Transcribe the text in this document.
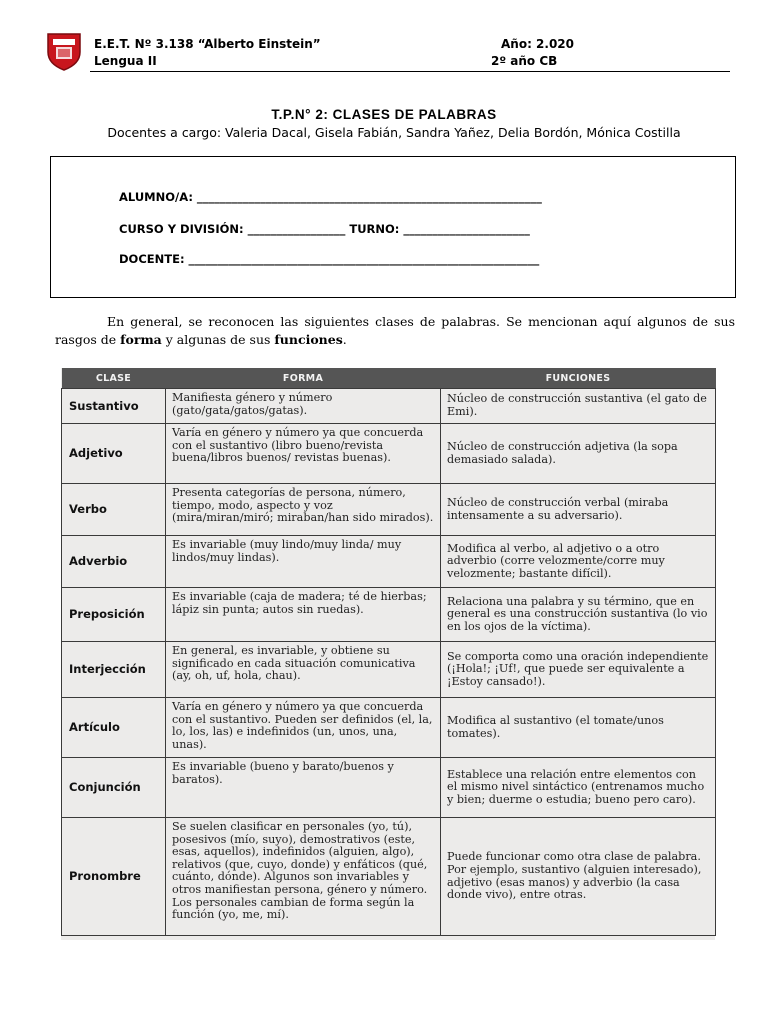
E.E.T. Nº 3.138 “Alberto Einstein”
Lengua II
Año: 2.020
2º año CB
T.P.N° 2: CLASES DE PALABRAS
Docentes a cargo: Valeria Dacal, Gisela Fabián, Sandra Yañez, Delia Bordón, Mónica Costilla
ALUMNO/A: ____________________________________________________________
CURSO Y DIVISIÓN: _________________ TURNO: ______________________
DOCENTE: _____________________________________________________________
En general, se reconocen las siguientes clases de palabras. Se mencionan aquí algunos de sus rasgos de forma y algunas de sus funciones.
CLASE	FORMA	FUNCIONES
Sustantivo	Manifiesta género y número (gato/gata/gatos/gatas).	Núcleo de construcción sustantiva (el gato de Emi).
Adjetivo	Varía en género y número ya que concuerda con el sustantivo (libro bueno/revista buena/libros buenos/ revistas buenas).	Núcleo de construcción adjetiva (la sopa demasiado salada).
Verbo	Presenta categorías de persona, número, tiempo, modo, aspecto y voz (mira/miran/miró; miraban/han sido mirados).	Núcleo de construcción verbal (miraba intensamente a su adversario).
Adverbio	Es invariable (muy lindo/muy linda/ muy lindos/muy lindas).	Modifica al verbo, al adjetivo o a otro adverbio (corre velozmente/corre muy velozmente; bastante difícil).
Preposición	Es invariable (caja de madera; té de hierbas; lápiz sin punta; autos sin ruedas).	Relaciona una palabra y su término, que en general es una construcción sustantiva (lo vio en los ojos de la víctima).
Interjección	En general, es invariable, y obtiene su significado en cada situación comunicativa (ay, oh, uf, hola, chau).	Se comporta como una oración independiente (¡Hola!; ¡Uf!, que puede ser equivalente a ¡Estoy cansado!).
Artículo	Varía en género y número ya que concuerda con el sustantivo. Pueden ser definidos (el, la, lo, los, las) e indefinidos (un, unos, una, unas).	Modifica al sustantivo (el tomate/unos tomates).
Conjunción	Es invariable (bueno y barato/buenos y baratos).	Establece una relación entre elementos con el mismo nivel sintáctico (entrenamos mucho y bien; duerme o estudia; bueno pero caro).
Pronombre	Se suelen clasificar en personales (yo, tú), posesivos (mío, suyo), demostrativos (este, esas, aquellos), indefinidos (alguien, algo), relativos (que, cuyo, donde) y enfáticos (qué, cuánto, dónde). Algunos son invariables y otros manifiestan persona, género y número. Los personales cambian de forma según la función (yo, me, mí).	Puede funcionar como otra clase de palabra. Por ejemplo, sustantivo (alguien interesado), adjetivo (esas manos) y adverbio (la casa donde vivo), entre otras.
